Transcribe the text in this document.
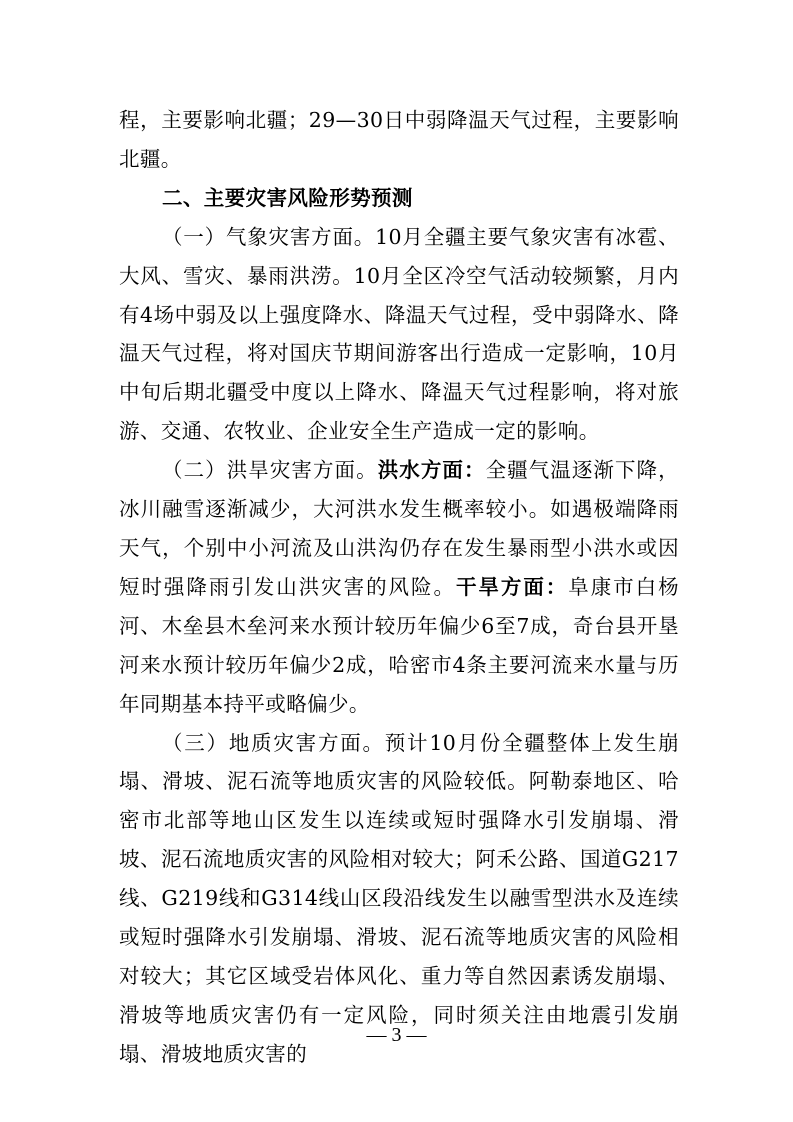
程，主要影响北疆；29—30日中弱降温天气过程，主要影响北疆。

二、主要灾害风险形势预测

（一）气象灾害方面。10月全疆主要气象灾害有冰雹、大风、雪灾、暴雨洪涝。10月全区冷空气活动较频繁，月内有4场中弱及以上强度降水、降温天气过程，受中弱降水、降温天气过程，将对国庆节期间游客出行造成一定影响，10月中旬后期北疆受中度以上降水、降温天气过程影响，将对旅游、交通、农牧业、企业安全生产造成一定的影响。

（二）洪旱灾害方面。洪水方面：全疆气温逐渐下降，冰川融雪逐渐减少，大河洪水发生概率较小。如遇极端降雨天气，个别中小河流及山洪沟仍存在发生暴雨型小洪水或因短时强降雨引发山洪灾害的风险。干旱方面：阜康市白杨河、木垒县木垒河来水预计较历年偏少6至7成，奇台县开垦河来水预计较历年偏少2成，哈密市4条主要河流来水量与历年同期基本持平或略偏少。

（三）地质灾害方面。预计10月份全疆整体上发生崩塌、滑坡、泥石流等地质灾害的风险较低。阿勒泰地区、哈密市北部等地山区发生以连续或短时强降水引发崩塌、滑坡、泥石流地质灾害的风险相对较大；阿禾公路、国道G217线、G219线和G314线山区段沿线发生以融雪型洪水及连续或短时强降水引发崩塌、滑坡、泥石流等地质灾害的风险相对较大；其它区域受岩体风化、重力等自然因素诱发崩塌、滑坡等地质灾害仍有一定风险，同时须关注由地震引发崩塌、滑坡地质灾害的

— 3 —
